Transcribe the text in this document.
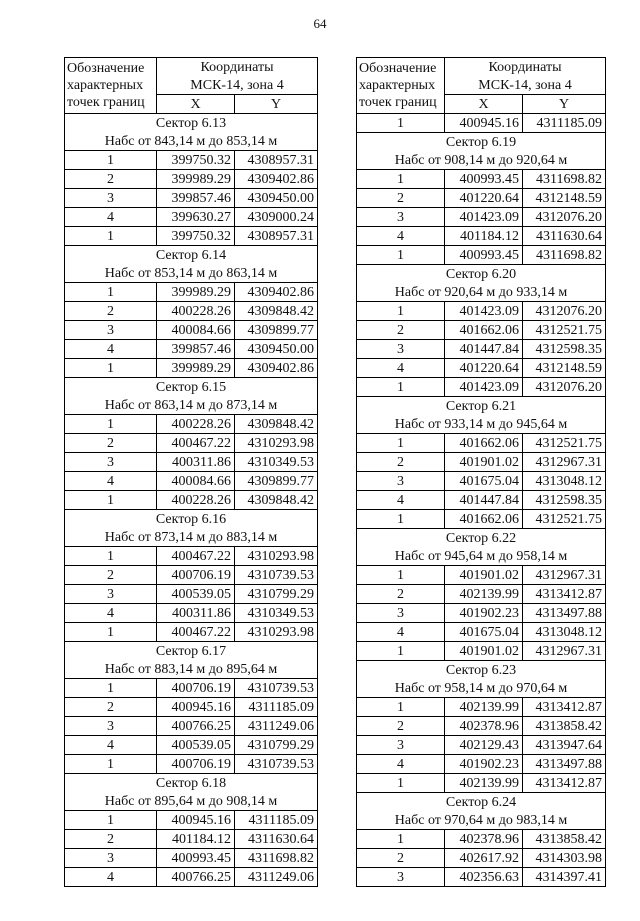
64
Обозначение
характерных
точек границ	Координаты	
	МСК-14, зона 4	
	X	Y
Сектор 6.13		
Набс от 843,14 м до 853,14 м		
1	399750.32	4308957.31
2	399989.29	4309402.86
3	399857.46	4309450.00
4	399630.27	4309000.24
1	399750.32	4308957.31
Сектор 6.14		
Набс от 853,14 м до 863,14 м		
1	399989.29	4309402.86
2	400228.26	4309848.42
3	400084.66	4309899.77
4	399857.46	4309450.00
1	399989.29	4309402.86
Сектор 6.15		
Набс от 863,14 м до 873,14 м		
1	400228.26	4309848.42
2	400467.22	4310293.98
3	400311.86	4310349.53
4	400084.66	4309899.77
1	400228.26	4309848.42
Сектор 6.16		
Набс от 873,14 м до 883,14 м		
1	400467.22	4310293.98
2	400706.19	4310739.53
3	400539.05	4310799.29
4	400311.86	4310349.53
1	400467.22	4310293.98
Сектор 6.17		
Набс от 883,14 м до 895,64 м		
1	400706.19	4310739.53
2	400945.16	4311185.09
3	400766.25	4311249.06
4	400539.05	4310799.29
1	400706.19	4310739.53
Сектор 6.18		
Набс от 895,64 м до 908,14 м		
1	400945.16	4311185.09
2	401184.12	4311630.64
3	400993.45	4311698.82
4	400766.25	4311249.06
Обозначение
характерных
точек границ	Координаты	
	МСК-14, зона 4	
	X	Y
1	400945.16	4311185.09
Сектор 6.19		
Набс от 908,14 м до 920,64 м		
1	400993.45	4311698.82
2	401220.64	4312148.59
3	401423.09	4312076.20
4	401184.12	4311630.64
1	400993.45	4311698.82
Сектор 6.20		
Набс от 920,64 м до 933,14 м		
1	401423.09	4312076.20
2	401662.06	4312521.75
3	401447.84	4312598.35
4	401220.64	4312148.59
1	401423.09	4312076.20
Сектор 6.21		
Набс от 933,14 м до 945,64 м		
1	401662.06	4312521.75
2	401901.02	4312967.31
3	401675.04	4313048.12
4	401447.84	4312598.35
1	401662.06	4312521.75
Сектор 6.22		
Набс от 945,64 м до 958,14 м		
1	401901.02	4312967.31
2	402139.99	4313412.87
3	401902.23	4313497.88
4	401675.04	4313048.12
1	401901.02	4312967.31
Сектор 6.23		
Набс от 958,14 м до 970,64 м		
1	402139.99	4313412.87
2	402378.96	4313858.42
3	402129.43	4313947.64
4	401902.23	4313497.88
1	402139.99	4313412.87
Сектор 6.24		
Набс от 970,64 м до 983,14 м		
1	402378.96	4313858.42
2	402617.92	4314303.98
3	402356.63	4314397.41
